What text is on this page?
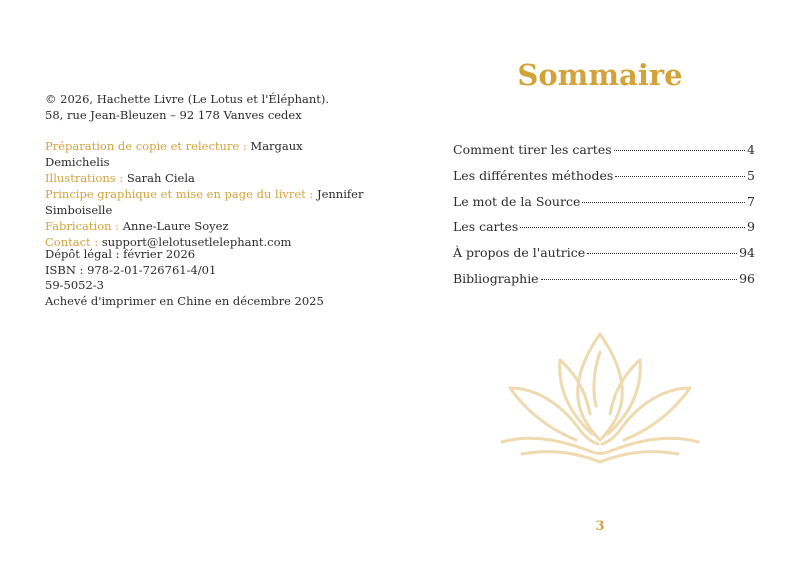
© 2026, Hachette Livre (Le Lotus et l'Éléphant).
58, rue Jean-Bleuzen – 92 178 Vanves cedex
Préparation de copie et relecture : Margaux Demichelis
Illustrations : Sarah Ciela
Principe graphique et mise en page du livret : Jennifer Simboiselle
Fabrication : Anne-Laure Soyez
Contact : support@lelotusetlelephant.com
Dépôt légal : février 2026
ISBN : 978-2-01-726761-4/01
59-5052-3
Achevé d'imprimer en Chine en décembre 2025
Sommaire
Comment tirer les cartes	4
Les différentes méthodes	5
Le mot de la Source	7
Les cartes	9
À propos de l'autrice	94
Bibliographie	96
3
